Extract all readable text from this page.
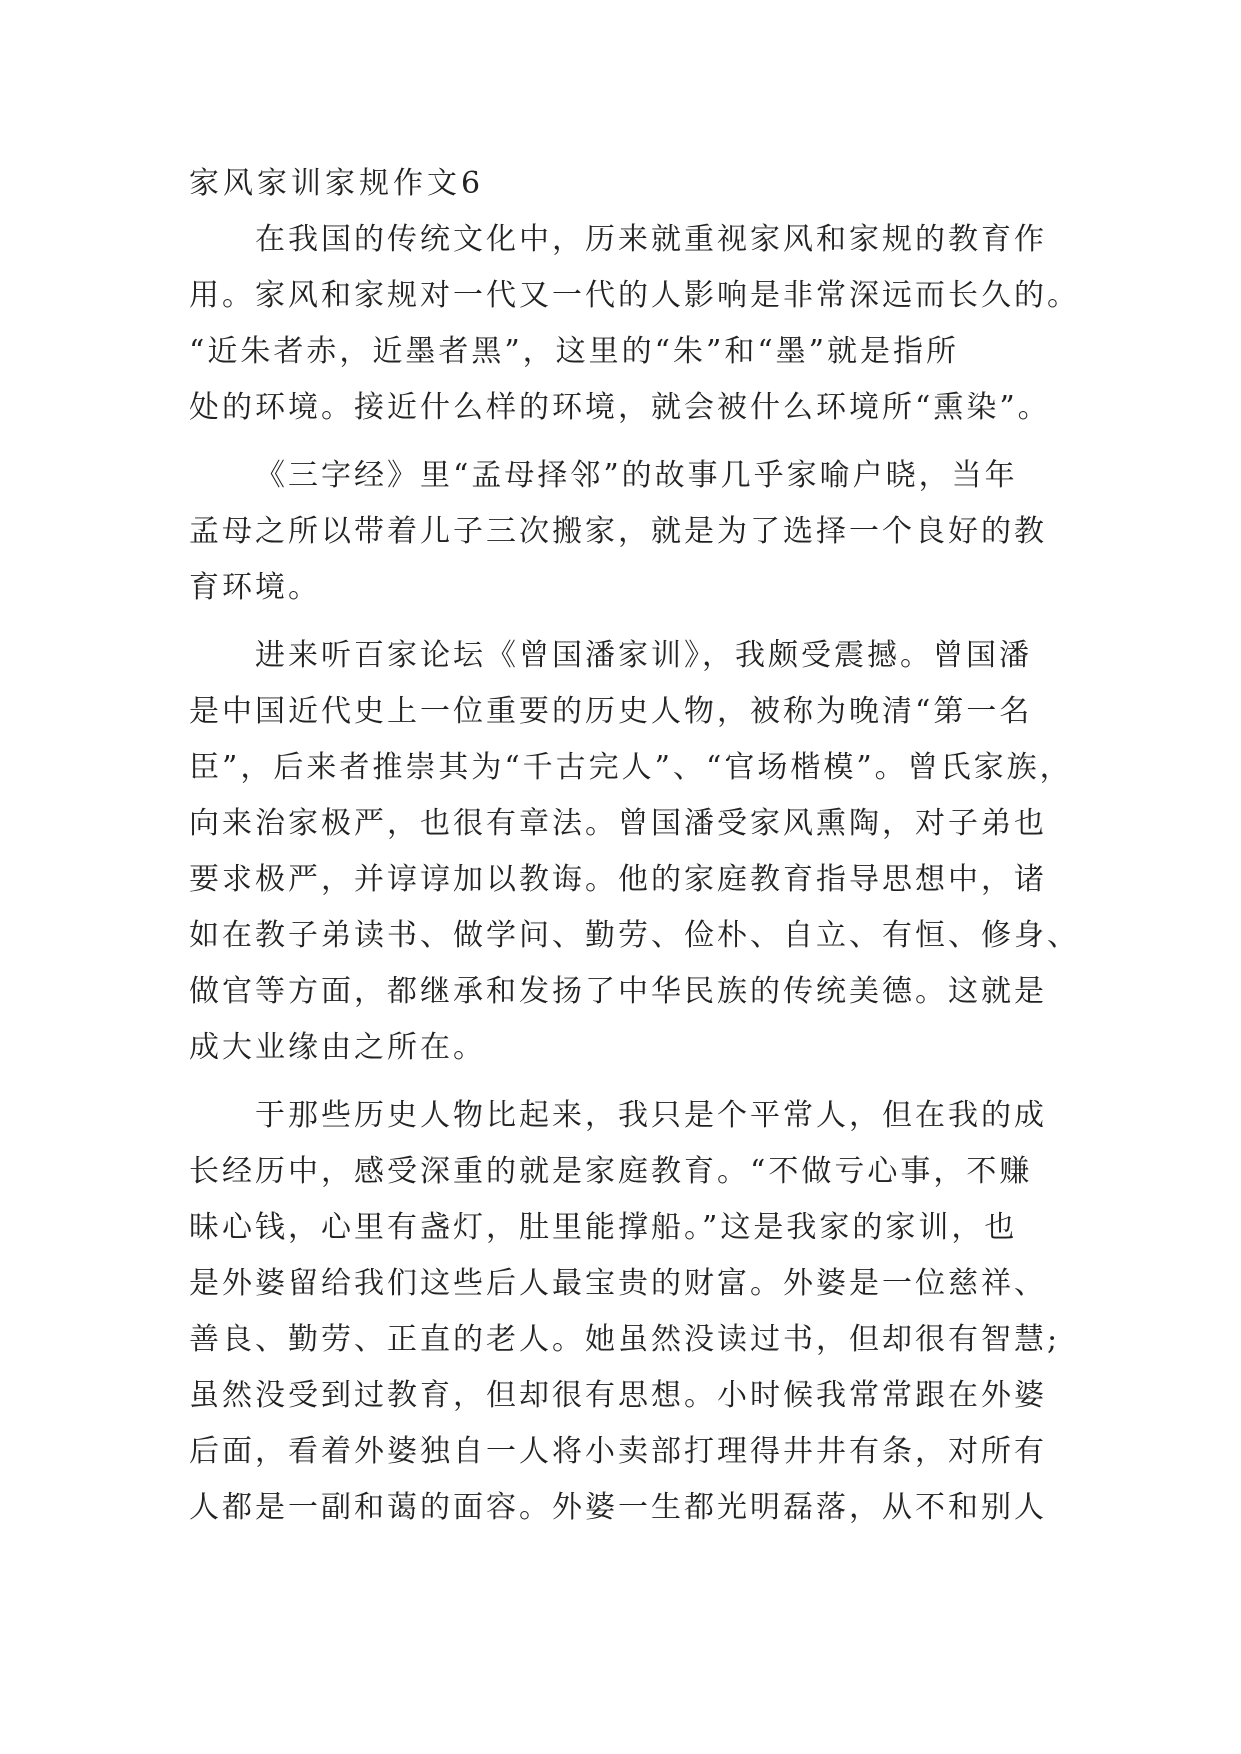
家风家训家规作文6
在我国的传统文化中，历来就重视家风和家规的教育作
用。家风和家规对一代又一代的人影响是非常深远而长久的。
“近朱者赤，近墨者黑”，这里的“朱”和“墨”就是指所
处的环境。接近什么样的环境，就会被什么环境所“熏染”。
《三字经》里“孟母择邻”的故事几乎家喻户晓，当年
孟母之所以带着儿子三次搬家，就是为了选择一个良好的教
育环境。
进来听百家论坛《曾国潘家训》，我颇受震撼。曾国潘
是中国近代史上一位重要的历史人物，被称为晚清“第一名
臣”，后来者推崇其为“千古完人”、“官场楷模”。曾氏家族，
向来治家极严，也很有章法。曾国潘受家风熏陶，对子弟也
要求极严，并谆谆加以教诲。他的家庭教育指导思想中，诸
如在教子弟读书、做学问、勤劳、俭朴、自立、有恒、修身、
做官等方面，都继承和发扬了中华民族的传统美德。这就是
成大业缘由之所在。
于那些历史人物比起来，我只是个平常人，但在我的成
长经历中，感受深重的就是家庭教育。“不做亏心事，不赚
昧心钱，心里有盏灯，肚里能撑船。”这是我家的家训，也
是外婆留给我们这些后人最宝贵的财富。外婆是一位慈祥、
善良、勤劳、正直的老人。她虽然没读过书，但却很有智慧;
虽然没受到过教育，但却很有思想。小时候我常常跟在外婆
后面，看着外婆独自一人将小卖部打理得井井有条，对所有
人都是一副和蔼的面容。外婆一生都光明磊落，从不和别人
